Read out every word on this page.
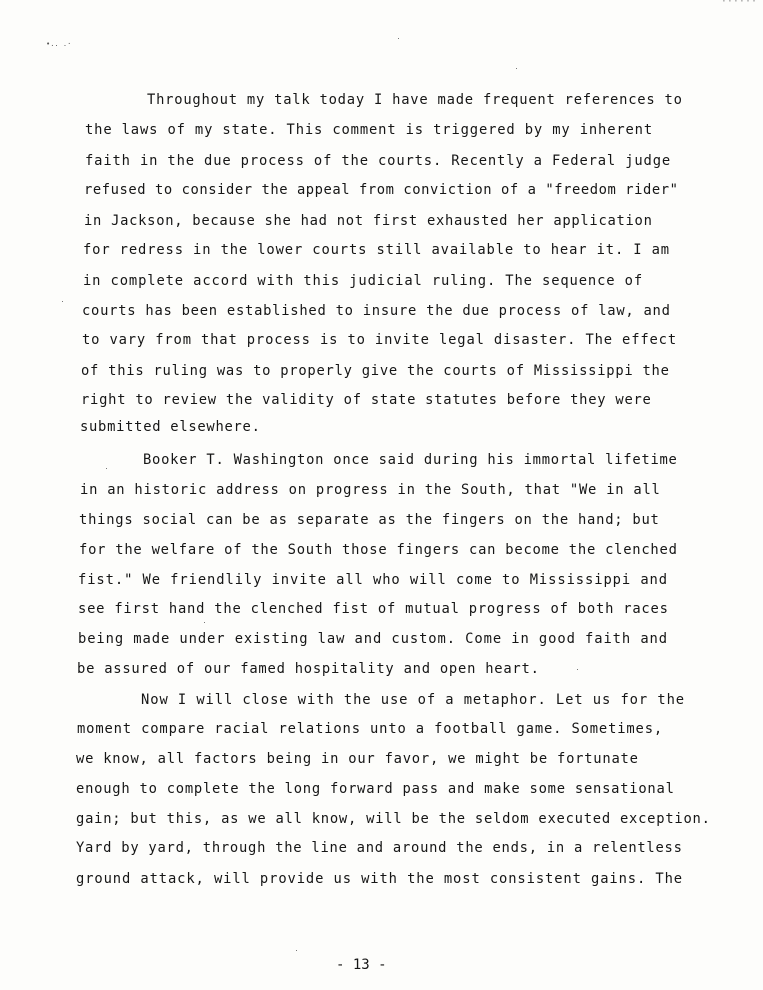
······
•.. .·

Throughout my talk today I have made frequent references to

the laws of my state. This comment is triggered by my inherent

faith in the due process of the courts. Recently a Federal judge

refused to consider the appeal from conviction of a "freedom rider"

in Jackson, because she had not first exhausted her application

for redress in the lower courts still available to hear it. I am

in complete accord with this judicial ruling. The sequence of

courts has been established to insure the due process of law, and

to vary from that process is to invite legal disaster. The effect

of this ruling was to properly give the courts of Mississippi the

right to review the validity of state statutes before they were

submitted elsewhere.

Booker T. Washington once said during his immortal lifetime

in an historic address on progress in the South, that "We in all

things social can be as separate as the fingers on the hand; but

for the welfare of the South those fingers can become the clenched

fist." We friendlily invite all who will come to Mississippi and

see first hand the clenched fist of mutual progress of both races

being made under existing law and custom. Come in good faith and

be assured of our famed hospitality and open heart.

Now I will close with the use of a metaphor. Let us for the

moment compare racial relations unto a football game. Sometimes,

we know, all factors being in our favor, we might be fortunate

enough to complete the long forward pass and make some sensational

gain; but this, as we all know, will be the seldom executed exception.

Yard by yard, through the line and around the ends, in a relentless

ground attack, will provide us with the most consistent gains. The

- 13 -
